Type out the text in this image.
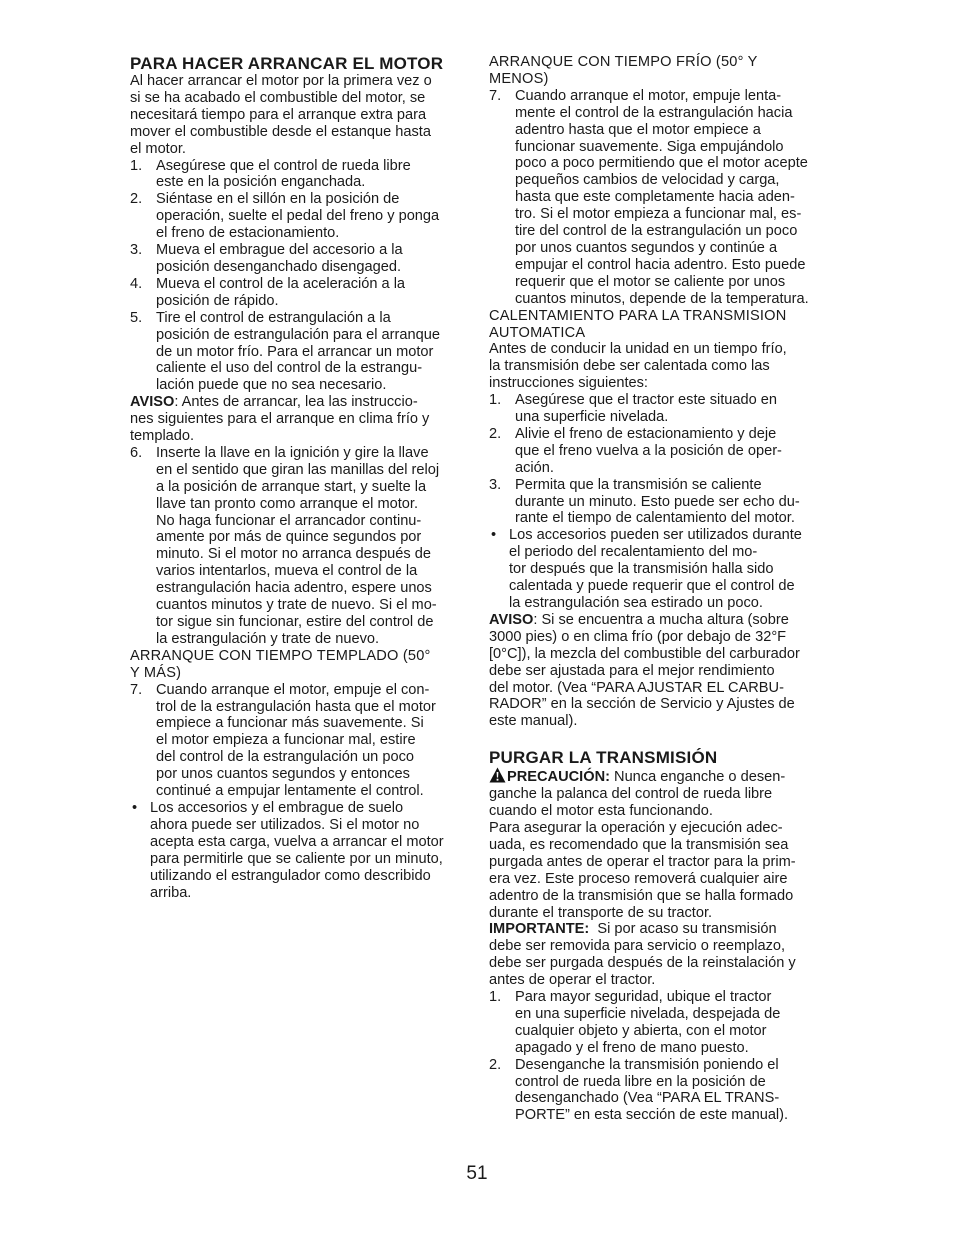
PARA HACER ARRANCAR EL MOTOR
Al hacer arrancar el motor por la primera vez o
si se ha acabado el combustible del motor, se
necesitará tiempo para el arranque extra para
mover el combustible desde el estanque hasta
el motor.
1. Asegúrese que el control de rueda libre
este en la posición enganchada.
2. Siéntase en el sillón en la posición de
operación, suelte el pedal del freno y ponga
el freno de estacionamiento.
3. Mueva el embrague del accesorio a la
posición desenganchado disengaged.
4. Mueva el control de la aceleración a la
posición de rápido.
5. Tire el control de estrangulación a la
posición de estrangulación para el arranque
de un motor frío. Para el arrancar un motor
caliente el uso del control de la estrangu-
lación puede que no sea necesario.
AVISO: Antes de arrancar, lea las instruccio-
nes siguientes para el arranque en clima frío y
templado.
6. Inserte la llave en la ignición y gire la llave
en el sentido que giran las manillas del reloj
a la posición de arranque start, y suelte la
llave tan pronto como arranque el motor.
No haga funcionar el arrancador continu-
amente por más de quince segundos por
minuto. Si el motor no arranca después de
varios intentarlos, mueva el control de la
estrangulación hacia adentro, espere unos
cuantos minutos y trate de nuevo. Si el mo-
tor sigue sin funcionar, estire del control de
la estrangulación y trate de nuevo.
ARRANQUE CON TIEMPO TEMPLADO (50°
Y MÁS)
7. Cuando arranque el motor, empuje el con-
trol de la estrangulación hasta que el motor
empiece a funcionar más suavemente. Si
el motor empieza a funcionar mal, estire
del control de la estrangulación un poco
por unos cuantos segundos y entonces
continué a empujar lentamente el control.
• Los accesorios y el embrague de suelo
ahora puede ser utilizados. Si el motor no
acepta esta carga, vuelva a arrancar el motor
para permitirle que se caliente por un minuto,
utilizando el estrangulador como describido
arriba.
ARRANQUE CON TIEMPO FRÍO (50° Y
MENOS)
7. Cuando arranque el motor, empuje lenta-
mente el control de la estrangulación hacia
adentro hasta que el motor empiece a
funcionar suavemente. Siga empujándolo
poco a poco permitiendo que el motor acepte
pequeños cambios de velocidad y carga,
hasta que este completamente hacia aden-
tro. Si el motor empieza a funcionar mal, es-
tire del control de la estrangulación un poco
por unos cuantos segundos y continúe a
empujar el control hacia adentro. Esto puede
requerir que el motor se caliente por unos
cuantos minutos, depende de la temperatura.
CALENTAMIENTO PARA LA TRANSMISION
AUTOMATICA
Antes de conducir la unidad en un tiempo frío,
la transmisión debe ser calentada como las
instrucciones siguientes:
1. Asegúrese que el tractor este situado en
una superficie nivelada.
2. Alivie el freno de estacionamiento y deje
que el freno vuelva a la posición de oper-
ación.
3. Permita que la transmisión se caliente
durante un minuto. Esto puede ser echo du-
rante el tiempo de calentamiento del motor.
• Los accesorios pueden ser utilizados durante
el periodo del recalentamiento del mo-
tor después que la transmisión halla sido
calentada y puede requerir que el control de
la estrangulación sea estirado un poco.
AVISO: Si se encuentra a mucha altura (sobre
3000 pies) o en clima frío (por debajo de 32°F
[0°C]), la mezcla del combustible del carburador
debe ser ajustada para el mejor rendimiento
del motor. (Vea “PARA AJUSTAR EL CARBU-
RADOR” en la sección de Servicio y Ajustes de
este manual).
PURGAR LA TRANSMISIÓN
PRECAUCIÓN: Nunca enganche o desen-
ganche la palanca del control de rueda libre
cuando el motor esta funcionando.
Para asegurar la operación y ejecución adec-
uada, es recomendado que la transmisión sea
purgada antes de operar el tractor para la prim-
era vez. Este proceso removerá cualquier aire
adentro de la transmisión que se halla formado
durante el transporte de su tractor.
IMPORTANTE:  Si por acaso su transmisión
debe ser removida para servicio o reemplazo,
debe ser purgada después de la reinstalación y
antes de operar el tractor.
1. Para mayor seguridad, ubique el tractor
en una superficie nivelada, despejada de
cualquier objeto y abierta, con el motor
apagado y el freno de mano puesto.
2. Desenganche la transmisión poniendo el
control de rueda libre en la posición de
desenganchado (Vea “PARA EL TRANS-
PORTE” en esta sección de este manual).
51
